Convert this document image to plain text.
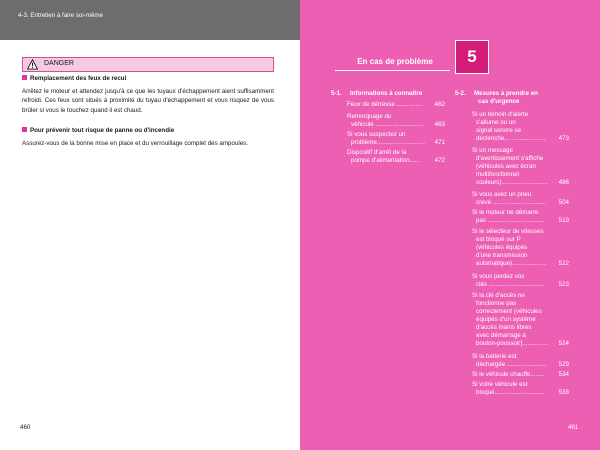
4-3. Entretien à faire soi-même
DANGER
Remplacement des feux de recul
Arrêtez le moteur et attendez jusqu'à ce que les tuyaux d'échappement aient suffisamment refroidi. Ces feux sont situés à proximité du tuyau d'échappement et vous risquez de vous brûler si vous le touchez quand il est chaud.
Pour prévenir tout risque de panne ou d'incendie
Assurez-vous de la bonne mise en place et du verrouillage complet des ampoules.
460
En cas de problème	5
5-1. Informations à connaître
Feux de détresse ...............	462
Remorquage du
véhicule ............................	463
Si vous suspectez un
problème............................	471
Dispositif d'arrêt de la
pompe d'alimentation......	472
5-2. Mesures à prendre en
cas d'urgence
Si un témoin d'alerte
s'allume ou un
signal sonore se
déclenche... ....................	473
Si un message
d'avertissement s'affiche
(véhicules avec écran
multifonctionnel
couleurs)...........................	486
Si vous avez un pneu
crevé ...............................	504
Si le moteur ne démarre
pas .................................	519
Si le sélecteur de vitesses
est bloqué sur P
(véhicules équipés
d'une transmission
automatique)....................	522
Si vous perdez vos
clés ................................	523
Si la clé d'accès ne
fonctionne pas
correctement (véhicules
équipés d'un système
d'accès mains libres
avec démarrage à
bouton-poussoir)...............	524
Si la batterie est
déchargée .......................	529
Si le véhicule chauffe........	534
Si votre véhicule est
bloqué.............................	538
461
